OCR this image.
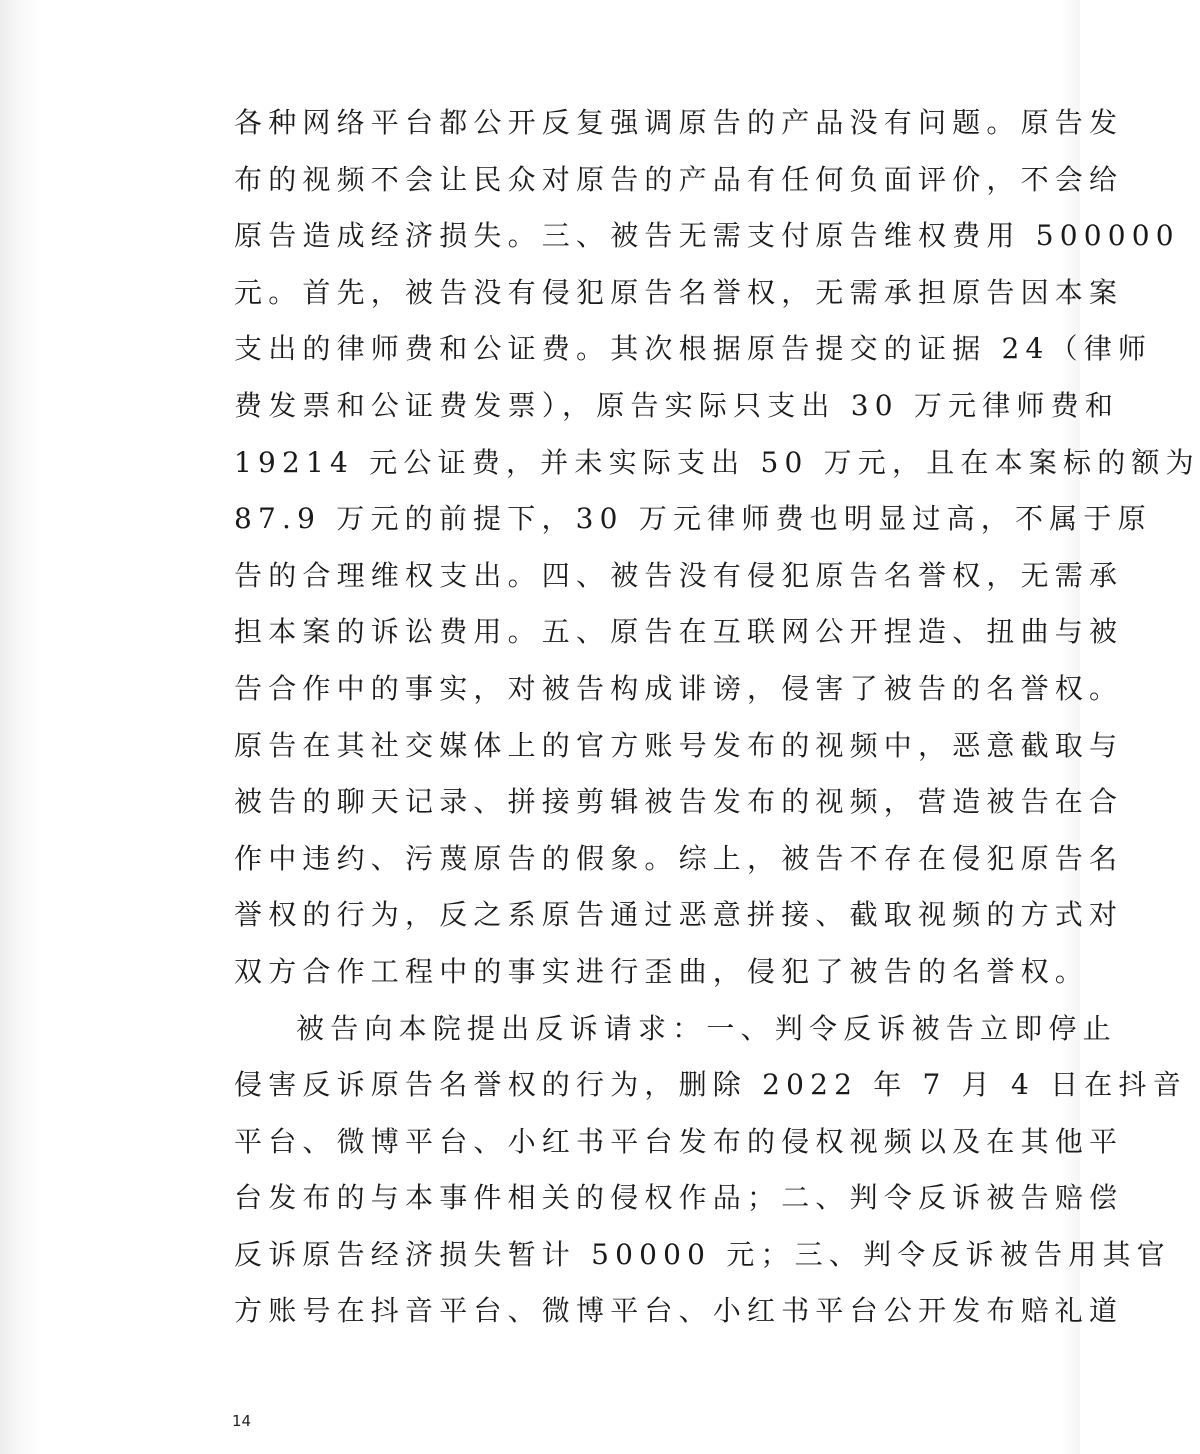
各种网络平台都公开反复强调原告的产品没有问题。原告发
布的视频不会让民众对原告的产品有任何负面评价，不会给
原告造成经济损失。三、被告无需支付原告维权费用 500000
元。首先，被告没有侵犯原告名誉权，无需承担原告因本案
支出的律师费和公证费。其次根据原告提交的证据 24（律师
费发票和公证费发票），原告实际只支出 30 万元律师费和
19214 元公证费，并未实际支出 50 万元，且在本案标的额为
87.9 万元的前提下，30 万元律师费也明显过高，不属于原
告的合理维权支出。四、被告没有侵犯原告名誉权，无需承
担本案的诉讼费用。五、原告在互联网公开捏造、扭曲与被
告合作中的事实，对被告构成诽谤，侵害了被告的名誉权。
原告在其社交媒体上的官方账号发布的视频中，恶意截取与
被告的聊天记录、拼接剪辑被告发布的视频，营造被告在合
作中违约、污蔑原告的假象。综上，被告不存在侵犯原告名
誉权的行为，反之系原告通过恶意拼接、截取视频的方式对
双方合作工程中的事实进行歪曲，侵犯了被告的名誉权。
被告向本院提出反诉请求：一、判令反诉被告立即停止
侵害反诉原告名誉权的行为，删除 2022 年 7 月 4 日在抖音
平台、微博平台、小红书平台发布的侵权视频以及在其他平
台发布的与本事件相关的侵权作品；二、判令反诉被告赔偿
反诉原告经济损失暂计 50000 元；三、判令反诉被告用其官
方账号在抖音平台、微博平台、小红书平台公开发布赔礼道
14
